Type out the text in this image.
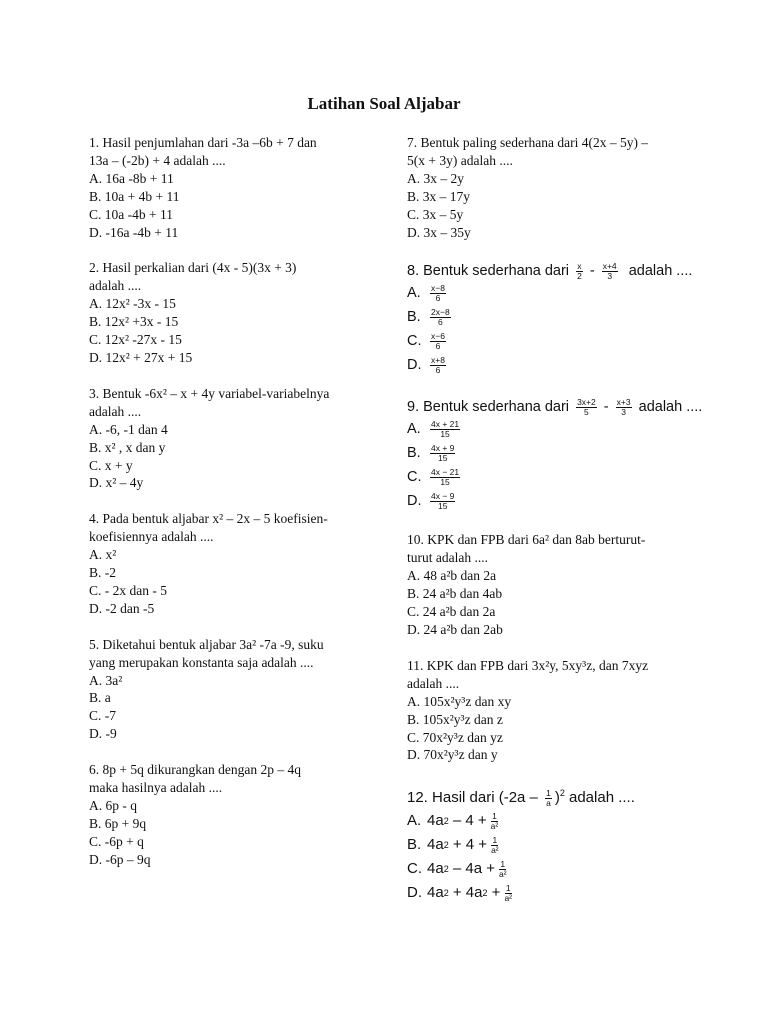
Latihan Soal Aljabar
1. Hasil penjumlahan dari -3a –6b + 7 dan
13a – (-2b) + 4 adalah ....
A. 16a -8b + 11
B. 10a + 4b + 11
C. 10a -4b + 11
D. -16a -4b + 11
2. Hasil perkalian dari (4x - 5)(3x + 3)
adalah ....
A. 12x² -3x - 15
B. 12x² +3x - 15
C. 12x² -27x - 15
D. 12x² + 27x + 15
3. Bentuk -6x² – x + 4y variabel-variabelnya
adalah ....
A. -6, -1 dan 4
B. x² , x dan y
C. x + y
D. x² – 4y
4. Pada bentuk aljabar x² – 2x – 5 koefisien-
koefisiennya adalah ....
A. x²
B. -2
C. - 2x dan - 5
D. -2 dan -5
5. Diketahui bentuk aljabar 3a² -7a -9, suku
yang merupakan konstanta saja adalah ....
A. 3a²
B. a
C. -7
D. -9
6. 8p + 5q dikurangkan dengan 2p – 4q
maka hasilnya adalah ....
A. 6p - q
B. 6p + 9q
C. -6p + q
D. -6p – 9q
7. Bentuk paling sederhana dari 4(2x – 5y) –
5(x + 3y) adalah ....
A. 3x – 2y
B. 3x – 17y
C. 3x – 5y
D. 3x – 35y
8. Bentuk sederhana dari $\frac{x}{2} - \frac{x+4}{3}$ adalah ....
A.	$\frac{x-8}{6}$
B.	$\frac{2x-8}{6}$
C.	$\frac{x-6}{6}$
D.	$\frac{x+8}{6}$
9. Bentuk sederhana dari $\frac{3x+2}{5} - \frac{x+3}{3}$ adalah ....
A.	$\frac{4x + 21}{15}$
B.	$\frac{4x + 9}{15}$
C.	$\frac{4x - 21}{15}$
D.	$\frac{4x - 9}{15}$
10. KPK dan FPB dari 6a² dan 8ab berturut-
turut adalah ....
A. 48 a²b dan 2a
B. 24 a²b dan 4ab
C. 24 a²b dan 2a
D. 24 a²b dan 2ab
11. KPK dan FPB dari 3x²y, 5xy³z, dan 7xyz
adalah ....
A. 105x²y³z dan xy
B. 105x²y³z dan z
C. 70x²y³z dan yz
D. 70x²y³z dan y
12. Hasil dari $(-2a - \frac{1}{a} )^2$ adalah ....
A. 4a $2 - 4 + \frac{1}{\text{a²}}$
B. 4a $2 + 4 + \frac{1}{\text{a²}}$
C. 4a $2 - 4a + \frac{1}{\text{a²}}$
D. 4a 2 + 4a $2 + \frac{1}{\text{a²}}$
